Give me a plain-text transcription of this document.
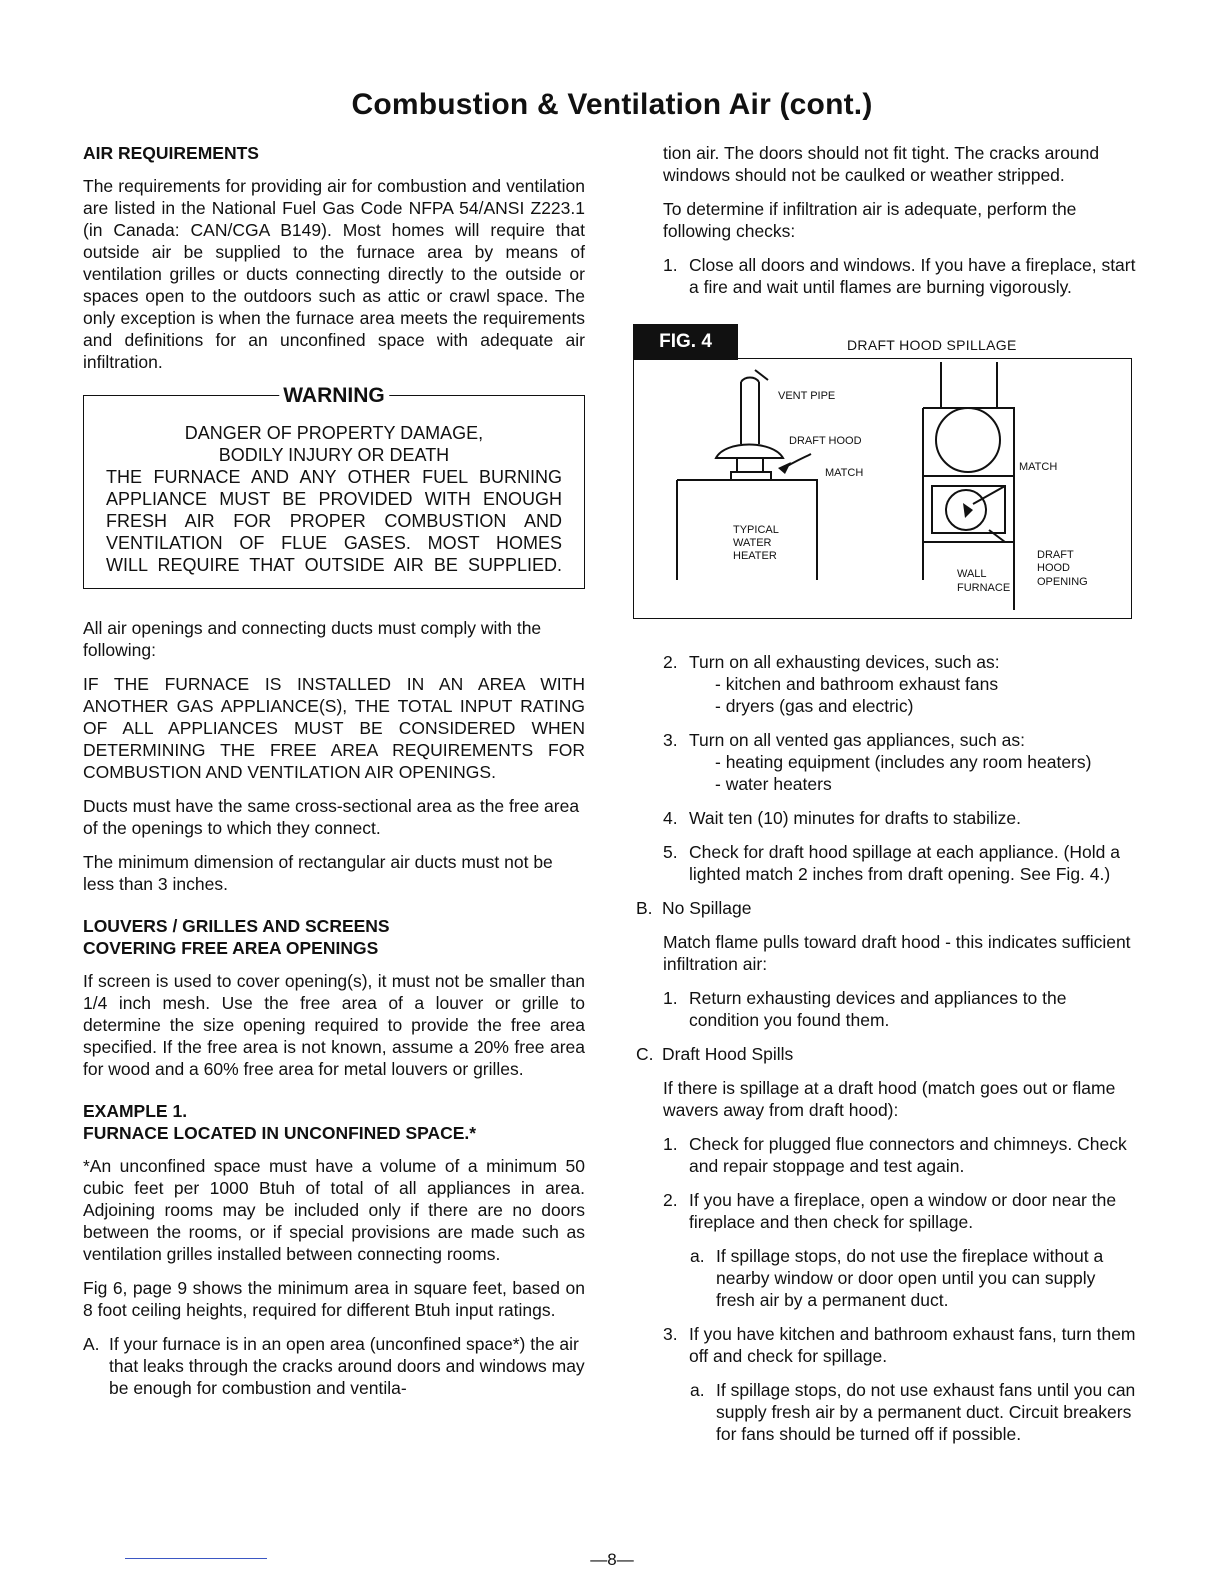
Combustion & Ventilation Air (cont.)
AIR REQUIREMENTS

The requirements for providing air for combustion and ventilation are listed in the National Fuel Gas Code NFPA 54/ANSI Z223.1 (in Canada: CAN/CGA B149). Most homes will require that outside air be supplied to the furnace area by means of ventilation grilles or ducts connecting directly to the outside or spaces open to the outdoors such as attic or crawl space. The only exception is when the furnace area meets the requirements and definitions for an unconfined space with adequate air infiltration.

WARNING
DANGER OF PROPERTY DAMAGE,
BODILY INJURY OR DEATH
THE FURNACE AND ANY OTHER FUEL BURNING
APPLIANCE MUST BE PROVIDED WITH ENOUGH
FRESH AIR FOR PROPER COMBUSTION AND
VENTILATION OF FLUE GASES. MOST HOMES
WILL REQUIRE THAT OUTSIDE AIR BE SUPPLIED.

All air openings and connecting ducts must comply with the following:

IF THE FURNACE IS INSTALLED IN AN AREA WITH ANOTHER GAS APPLIANCE(S), THE TOTAL INPUT RATING OF ALL APPLIANCES MUST BE CONSIDERED WHEN DETERMINING THE FREE AREA REQUIREMENTS FOR COMBUSTION AND VENTILATION AIR OPENINGS.

Ducts must have the same cross-sectional area as the free area of the openings to which they connect.

The minimum dimension of rectangular air ducts must not be less than 3 inches.

LOUVERS / GRILLES AND SCREENS
COVERING FREE AREA OPENINGS

If screen is used to cover opening(s), it must not be smaller than 1/4 inch mesh. Use the free area of a louver or grille to determine the size opening required to provide the free area specified. If the free area is not known, assume a 20% free area for wood and a 60% free area for metal louvers or grilles.

EXAMPLE 1.
FURNACE LOCATED IN UNCONFINED SPACE.*

*An unconfined space must have a volume of a minimum 50 cubic feet per 1000 Btuh of total of all appliances in area. Adjoining rooms may be included only if there are no doors between the rooms, or if special provisions are made such as ventilation grilles installed between connecting rooms.

Fig 6, page 9 shows the minimum area in square feet, based on 8 foot ceiling heights, required for different Btuh input ratings.

A. If your furnace is in an open area (unconfined space*) the air that leaks through the cracks around doors and windows may be enough for combustion and ventila-

tion air. The doors should not fit tight. The cracks around windows should not be caulked or weather stripped.

To determine if infiltration air is adequate, perform the following checks:

1. Close all doors and windows. If you have a fireplace, start a fire and wait until flames are burning vigorously.
FIG. 4	DRAFT HOOD SPILLAGE
VENT PIPE
DRAFT HOOD
MATCH
TYPICAL
WATER
HEATER
MATCH
WALL
FURNACE
DRAFT
HOOD
OPENING
2. Turn on all exhausting devices, such as:
- kitchen and bathroom exhaust fans
- dryers (gas and electric)
3. Turn on all vented gas appliances, such as:
- heating equipment (includes any room heaters)
- water heaters
4. Wait ten (10) minutes for drafts to stabilize.
5. Check for draft hood spillage at each appliance. (Hold a lighted match 2 inches from draft opening. See Fig. 4.)
B. No Spillage

Match flame pulls toward draft hood - this indicates sufficient infiltration air:

1. Return exhausting devices and appliances to the condition you found them.
C. Draft Hood Spills

If there is spillage at a draft hood (match goes out or flame wavers away from draft hood):

1. Check for plugged flue connectors and chimneys. Check and repair stoppage and test again.
2. If you have a fireplace, open a window or door near the fireplace and then check for spillage.
a. If spillage stops, do not use the fireplace without a nearby window or door open until you can supply fresh air by a permanent duct.
3. If you have kitchen and bathroom exhaust fans, turn them off and check for spillage.
a. If spillage stops, do not use exhaust fans until you can supply fresh air by a permanent duct. Circuit breakers for fans should be turned off if possible.
—8—
